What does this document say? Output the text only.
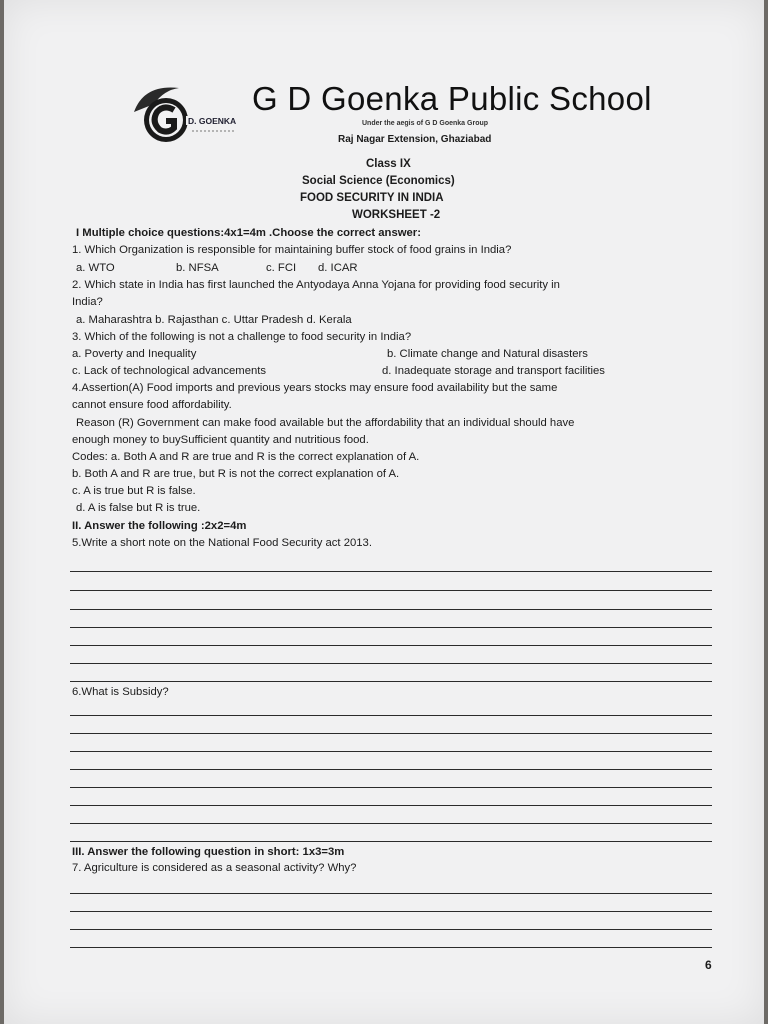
D. GOENKA
G D Goenka Public School
Under the aegis of G D Goenka Group
Raj Nagar Extension, Ghaziabad
Class IX
Social Science (Economics)
FOOD SECURITY IN INDIA
WORKSHEET -2
I Multiple choice questions:4x1=4m .Choose the correct answer:
1. Which Organization is responsible for maintaining buffer stock of food grains in India?
a. WTO	b. NFSA	c. FCI d. ICAR
2. Which state in India has first launched the Antyodaya Anna Yojana for providing food security in
India?
a. Maharashtra b. Rajasthan c. Uttar Pradesh d. Kerala
3. Which of the following is not a challenge to food security in India?
a. Poverty and Inequality	b. Climate change and Natural disasters
c. Lack of technological advancements	d. Inadequate storage and transport facilities
4.Assertion(A) Food imports and previous years stocks may ensure food availability but the same
cannot ensure food affordability.
Reason (R) Government can make food available but the affordability that an individual should have
enough money to buySufficient quantity and nutritious food.
Codes: a. Both A and R are true and R is the correct explanation of A.
b. Both A and R are true, but R is not the correct explanation of A.
c. A is true but R is false.
d. A is false but R is true.
II. Answer the following :2x2=4m
5.Write a short note on the National Food Security act 2013.
6.What is Subsidy?
III. Answer the following question in short: 1x3=3m
7. Agriculture is considered as a seasonal activity? Why?
6
